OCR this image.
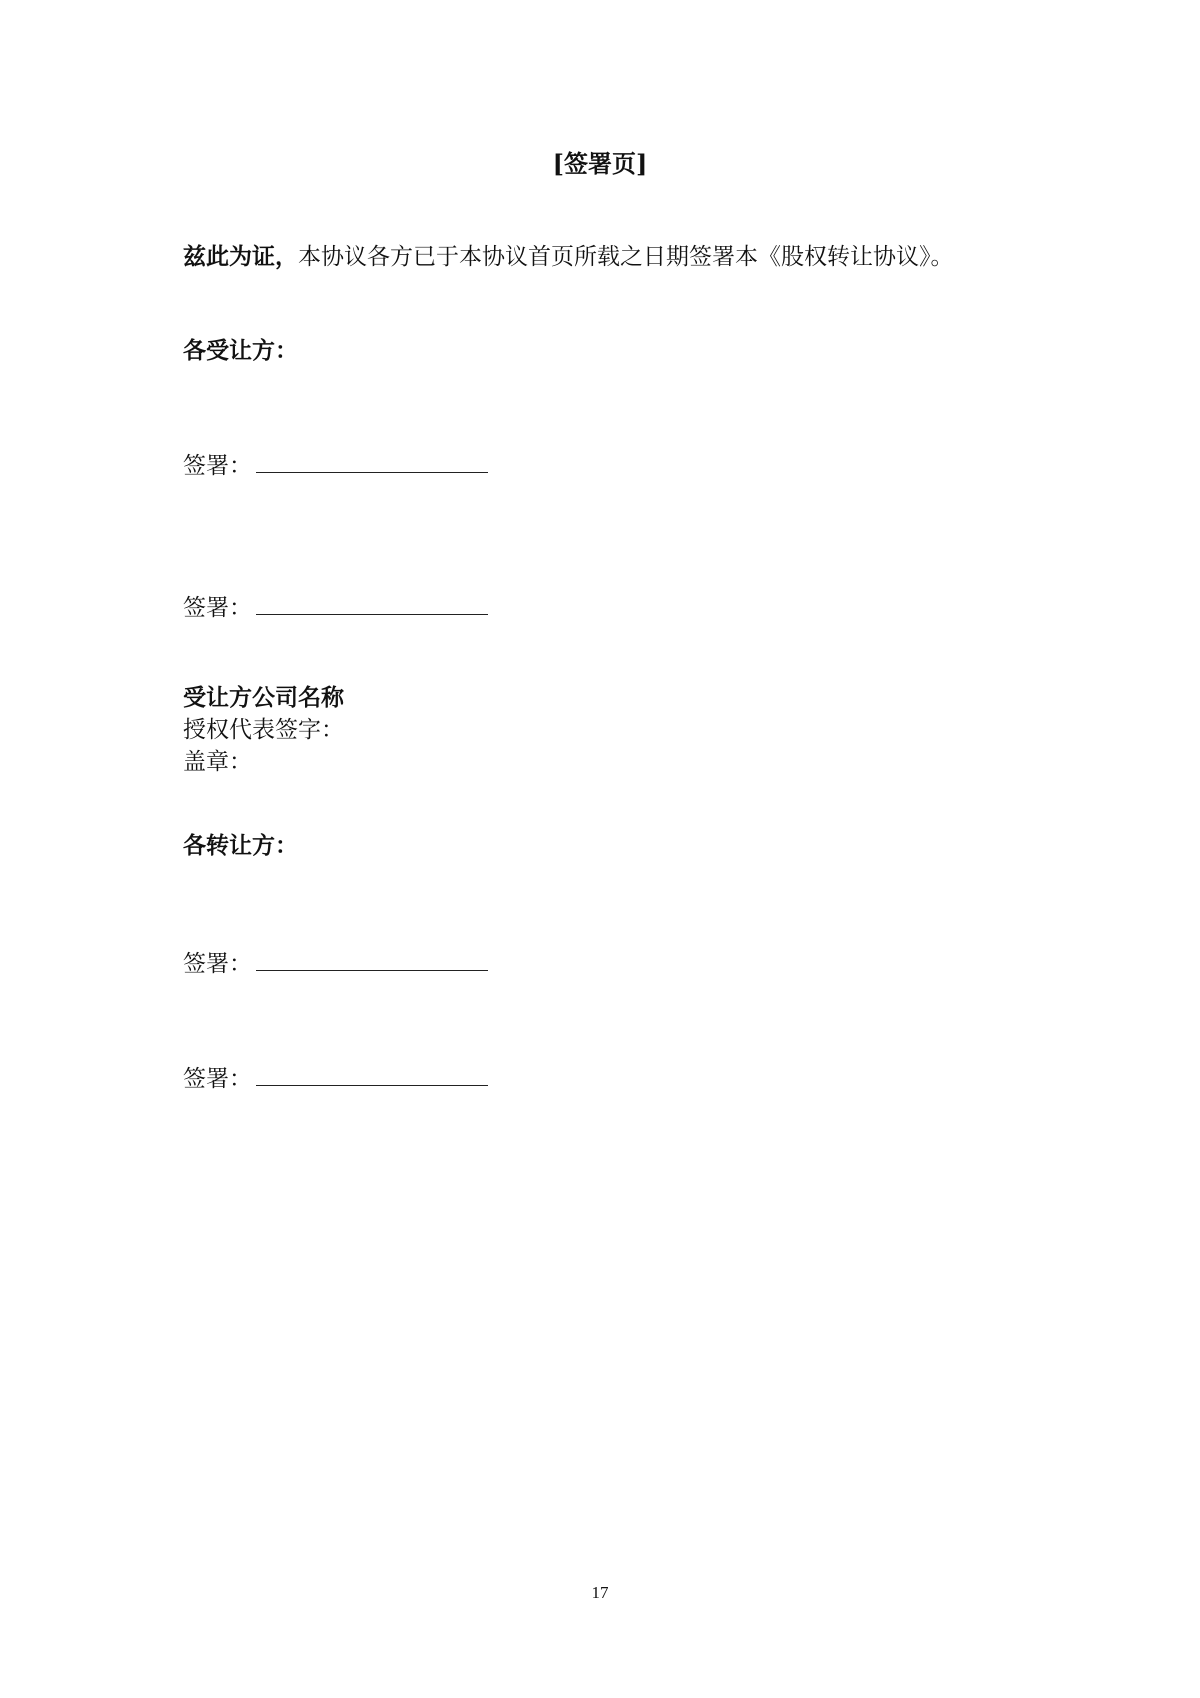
[签署页]
兹此为证，本协议各方已于本协议首页所载之日期签署本《股权转让协议》。
各受让方：
签署：
签署：
受让方公司名称
授权代表签字：
盖章：
各转让方：
签署：
签署：
17
